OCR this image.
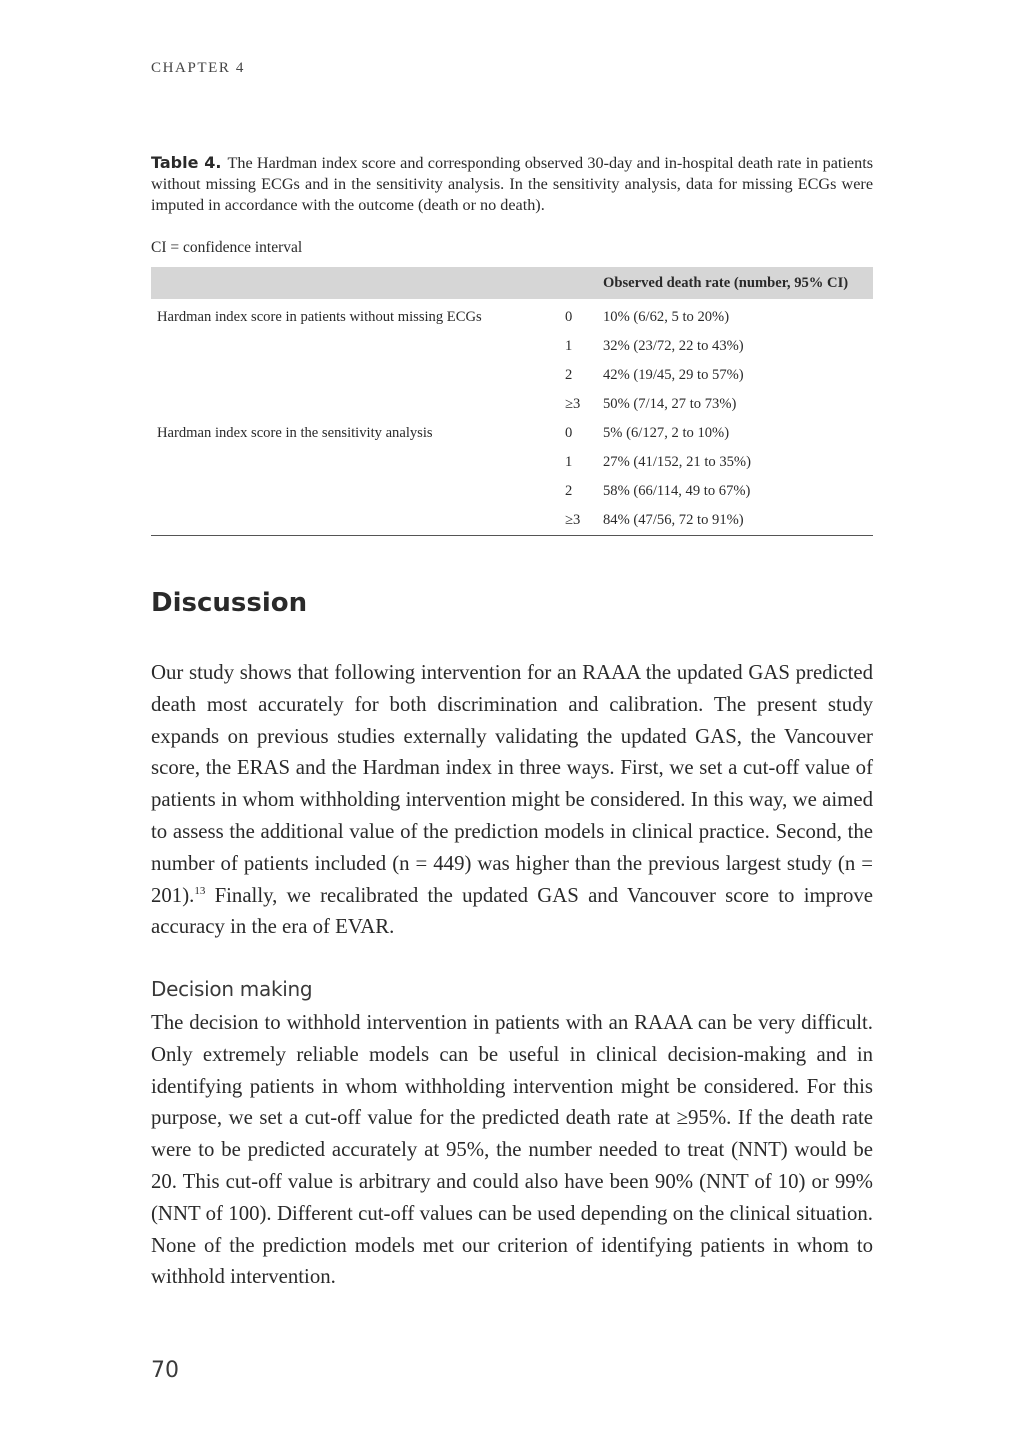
CHAPTER 4
Table 4. The Hardman index score and corresponding observed 30-day and in-hospital death rate in patients without missing ECGs and in the sensitivity analysis. In the sensitivity analysis, data for missing ECGs were imputed in accordance with the outcome (death or no death).
CI = confidence interval
		Observed death rate (number, 95% CI)
Hardman index score in patients without missing ECGs	0	10% (6/62, 5 to 20%)
	1	32% (23/72, 22 to 43%)
	2	42% (19/45, 29 to 57%)
	≥3	50% (7/14, 27 to 73%)
Hardman index score in the sensitivity analysis	0	5% (6/127, 2 to 10%)
	1	27% (41/152, 21 to 35%)
	2	58% (66/114, 49 to 67%)
	≥3	84% (47/56, 72 to 91%)
Discussion

Our study shows that following intervention for an RAAA the updated GAS predicted death most accurately for both discrimination and calibration. The present study expands on previous studies externally validating the updated GAS, the Vancouver score, the ERAS and the Hardman index in three ways. First, we set a cut-off value of patients in whom withholding intervention might be considered. In this way, we aimed to assess the additional value of the prediction models in clinical practice. Second, the number of patients included (n = 449) was higher than the previous largest study (n = 201).$^{13}$ Finally, we recalibrated the updated GAS and Vancouver score to improve accuracy in the era of EVAR.

Decision making

The decision to withhold intervention in patients with an RAAA can be very difficult. Only extremely reliable models can be useful in clinical decision-making and in identifying patients in whom withholding intervention might be considered. For this purpose, we set a cut-off value for the predicted death rate at ≥95%. If the death rate were to be predicted accurately at 95%, the number needed to treat (NNT) would be 20. This cut-off value is arbitrary and could also have been 90% (NNT of 10) or 99% (NNT of 100). Different cut-off values can be used depending on the clinical situation. None of the prediction models met our criterion of identifying patients in whom to withhold intervention.

70
